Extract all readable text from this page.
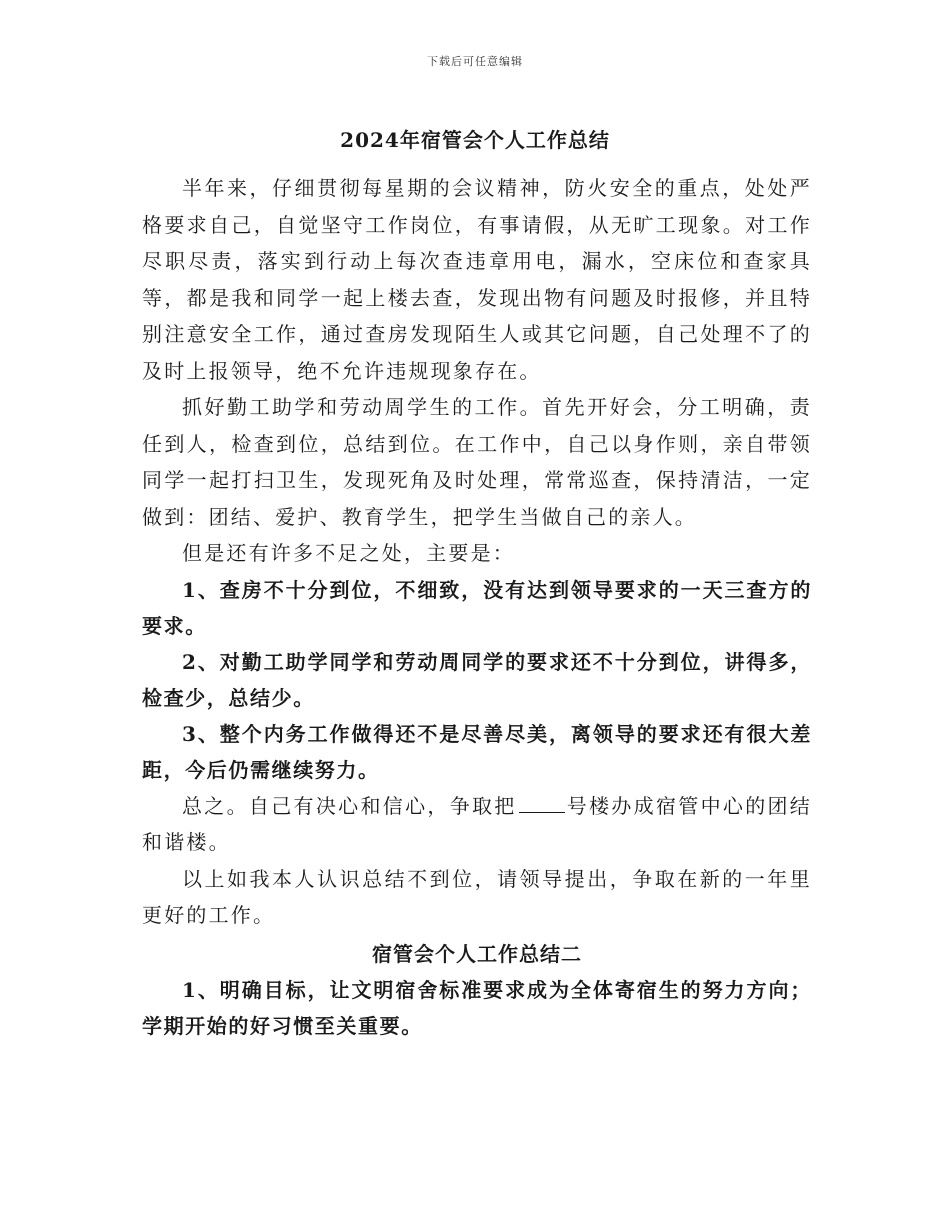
下载后可任意编辑
2024年宿管会个人工作总结

半年来，仔细贯彻每星期的会议精神，防火安全的重点，处处严格要求自己，自觉坚守工作岗位，有事请假，从无旷工现象。对工作尽职尽责，落实到行动上每次查违章用电，漏水，空床位和查家具等，都是我和同学一起上楼去查，发现出物有问题及时报修，并且特别注意安全工作，通过查房发现陌生人或其它问题，自己处理不了的及时上报领导，绝不允许违规现象存在。

抓好勤工助学和劳动周学生的工作。首先开好会，分工明确，责任到人，检查到位，总结到位。在工作中，自己以身作则，亲自带领同学一起打扫卫生，发现死角及时处理，常常巡查，保持清洁，一定做到：团结、爱护、教育学生，把学生当做自己的亲人。

但是还有许多不足之处，主要是：

1、查房不十分到位，不细致，没有达到领导要求的一天三查方的要求。

2、对勤工助学同学和劳动周同学的要求还不十分到位，讲得多，检查少，总结少。

3、整个内务工作做得还不是尽善尽美，离领导的要求还有很大差距，今后仍需继续努力。

总之。自己有决心和信心，争取把	号楼办成宿管中心的团结和谐楼。

以上如我本人认识总结不到位，请领导提出，争取在新的一年里更好的工作。

宿管会个人工作总结二

1、明确目标，让文明宿舍标准要求成为全体寄宿生的努力方向；学期开始的好习惯至关重要。
